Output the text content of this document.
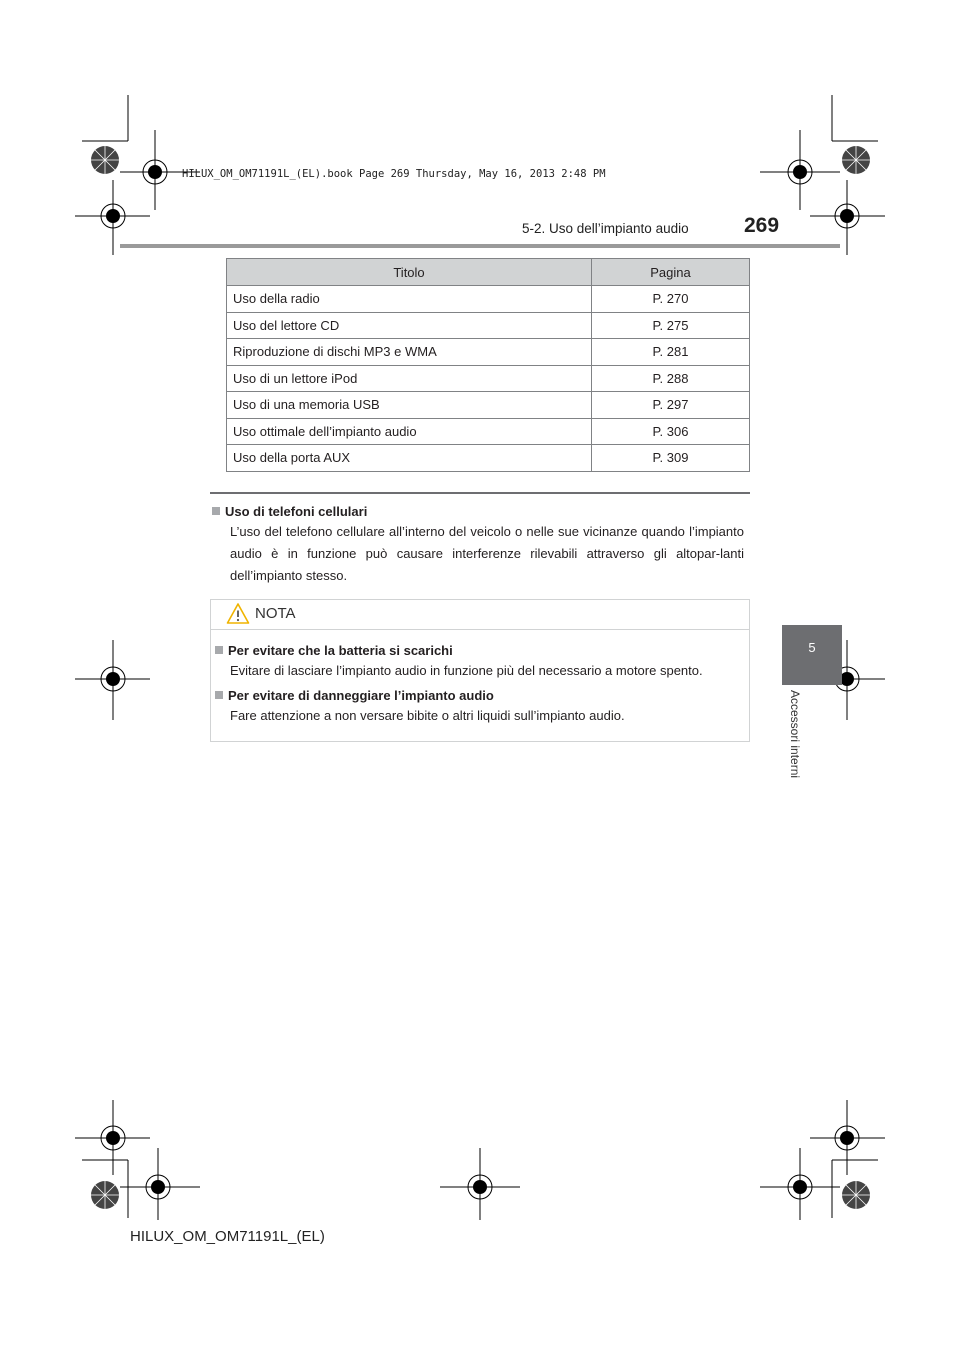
HILUX_OM_OM71191L_(EL).book Page 269 Thursday, May 16, 2013 2:48 PM
5-2. Uso dell’impianto audio	269
5
Accessori interni
Titolo	Pagina
Uso della radio	P. 270
Uso del lettore CD	P. 275
Riproduzione di dischi MP3 e WMA	P. 281
Uso di un lettore iPod	P. 288
Uso di una memoria USB	P. 297
Uso ottimale dell’impianto audio	P. 306
Uso della porta AUX	P. 309
Uso di telefoni cellulari
L’uso del telefono cellulare all’interno del veicolo o nelle sue vicinanze quando l’impianto audio è in funzione può causare interferenze rilevabili attraverso gli altopar-lanti dell’impianto stesso.
NOTA
Per evitare che la batteria si scarichi
Evitare di lasciare l’impianto audio in funzione più del necessario a motore spento.
Per evitare di danneggiare l’impianto audio
Fare attenzione a non versare bibite o altri liquidi sull’impianto audio.
HILUX_OM_OM71191L_(EL)
